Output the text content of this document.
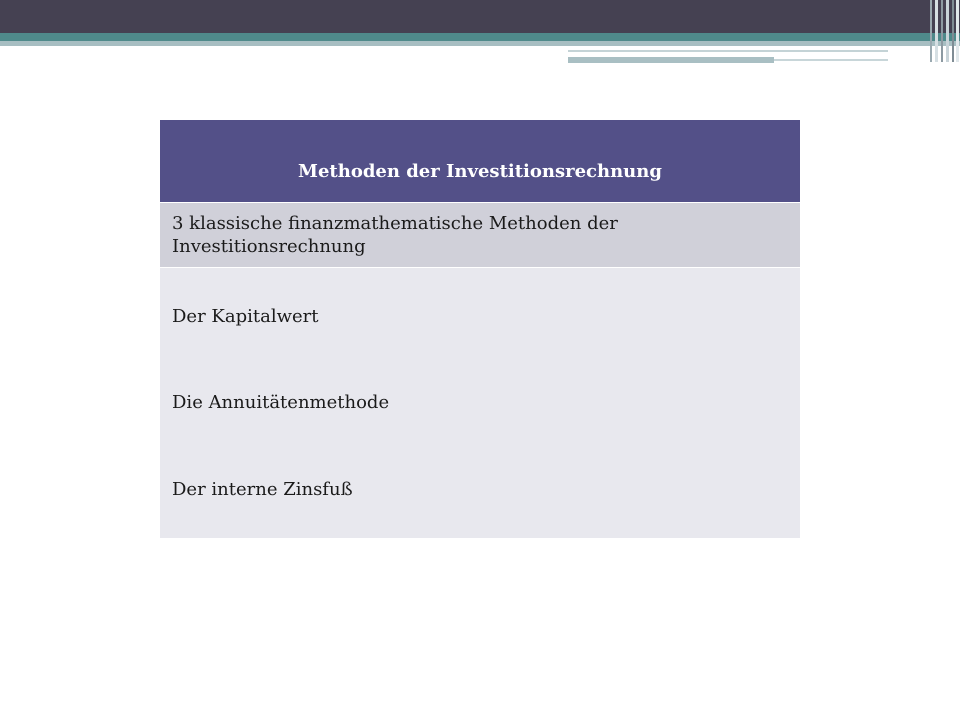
Methoden der Investitionsrechnung
3 klassische finanzmathematische Methoden der Investitionsrechnung
Der Kapitalwert
Die Annuitätenmethode
Der interne Zinsfuß
